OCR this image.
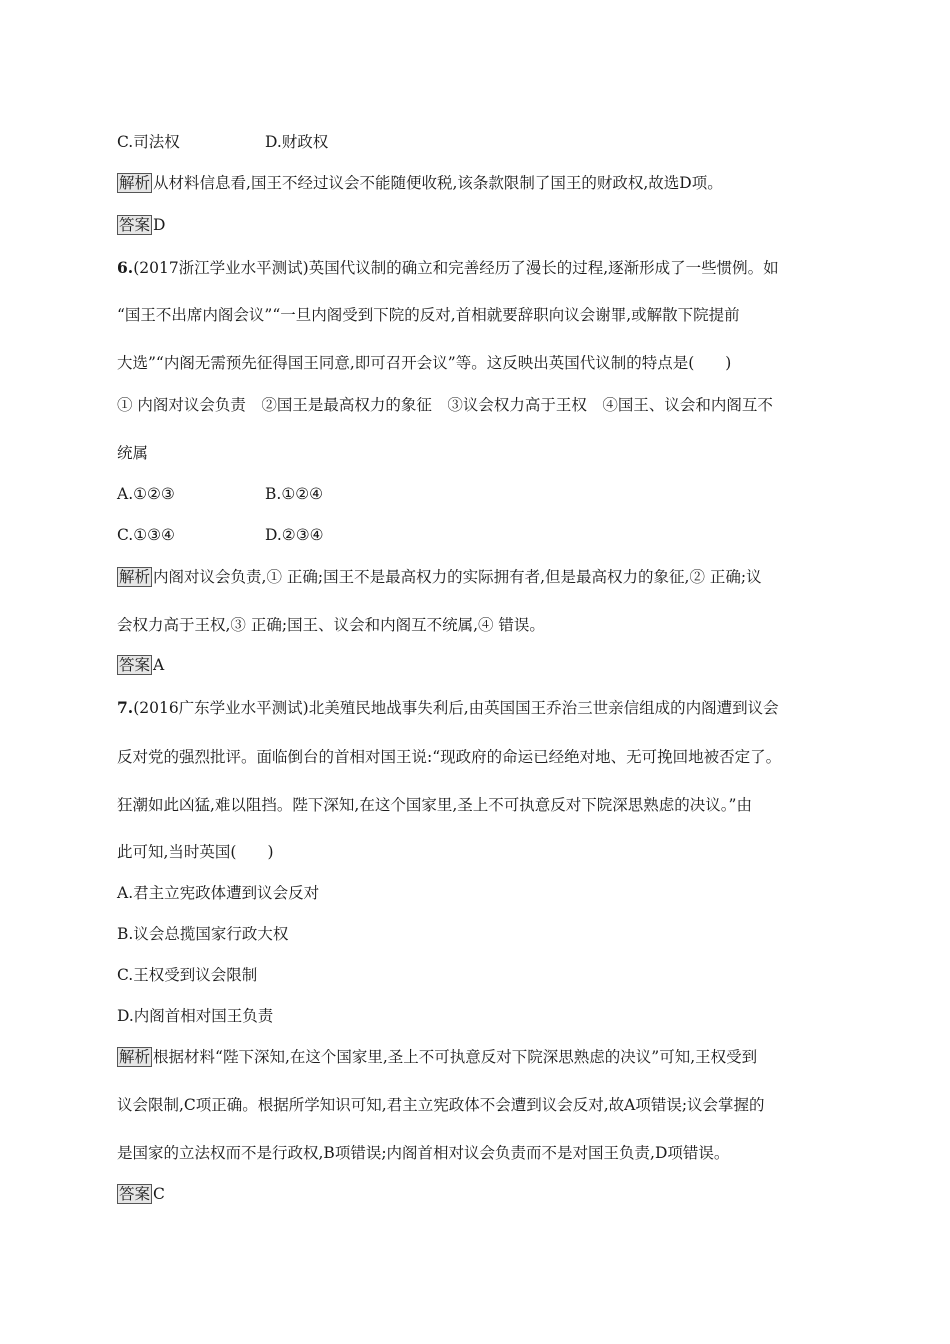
C.司法权	D.财政权
解析 从材料信息看,国王不经过议会不能随便收税,该条款限制了国王的财政权,故选D项。
答案 D
6.(2017浙江学业水平测试)英国代议制的确立和完善经历了漫长的过程,逐渐形成了一些惯例。如
“国王不出席内阁会议”“一旦内阁受到下院的反对,首相就要辞职向议会谢罪,或解散下院提前
大选”“内阁无需预先征得国王同意,即可召开会议”等。这反映出英国代议制的特点是(　　)
① 内阁对议会负责　②国王是最高权力的象征　③议会权力高于王权　④国王、议会和内阁互不
统属
A.①②③	B.①②④
C.①③④	D.②③④
解析 内阁对议会负责,① 正确;国王不是最高权力的实际拥有者,但是最高权力的象征,② 正确;议
会权力高于王权,③ 正确;国王、议会和内阁互不统属,④ 错误。
答案 A
7.(2016广东学业水平测试)北美殖民地战事失利后,由英国国王乔治三世亲信组成的内阁遭到议会
反对党的强烈批评。面临倒台的首相对国王说:“现政府的命运已经绝对地、无可挽回地被否定了。
狂潮如此凶猛,难以阻挡。陛下深知,在这个国家里,圣上不可执意反对下院深思熟虑的决议。”由
此可知,当时英国(　　)
A.君主立宪政体遭到议会反对
B.议会总揽国家行政大权
C.王权受到议会限制
D.内阁首相对国王负责
解析 根据材料“陛下深知,在这个国家里,圣上不可执意反对下院深思熟虑的决议”可知,王权受到
议会限制,C项正确。根据所学知识可知,君主立宪政体不会遭到议会反对,故A项错误;议会掌握的
是国家的立法权而不是行政权,B项错误;内阁首相对议会负责而不是对国王负责,D项错误。
答案 C
